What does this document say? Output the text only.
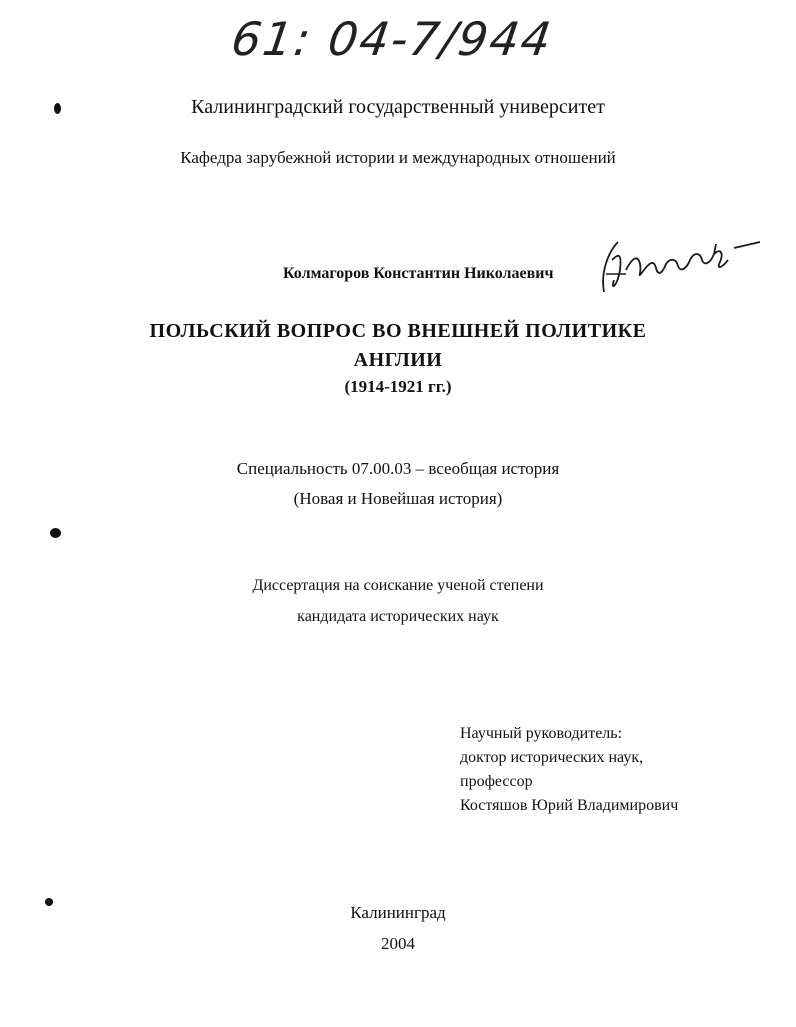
61: 04-7/944
Калининградский государственный университет
Кафедра зарубежной истории и международных отношений
Колмагоров Константин Николаевич
ПОЛЬСКИЙ ВОПРОС ВО ВНЕШНЕЙ ПОЛИТИКЕ
АНГЛИИ
(1914-1921 гг.)
Специальность 07.00.03 – всеобщая история
(Новая и Новейшая история)
Диссертация на соискание ученой степени
кандидата исторических наук
Научный руководитель:
доктор исторических наук,
профессор
Костяшов Юрий Владимирович
Калининград
2004
